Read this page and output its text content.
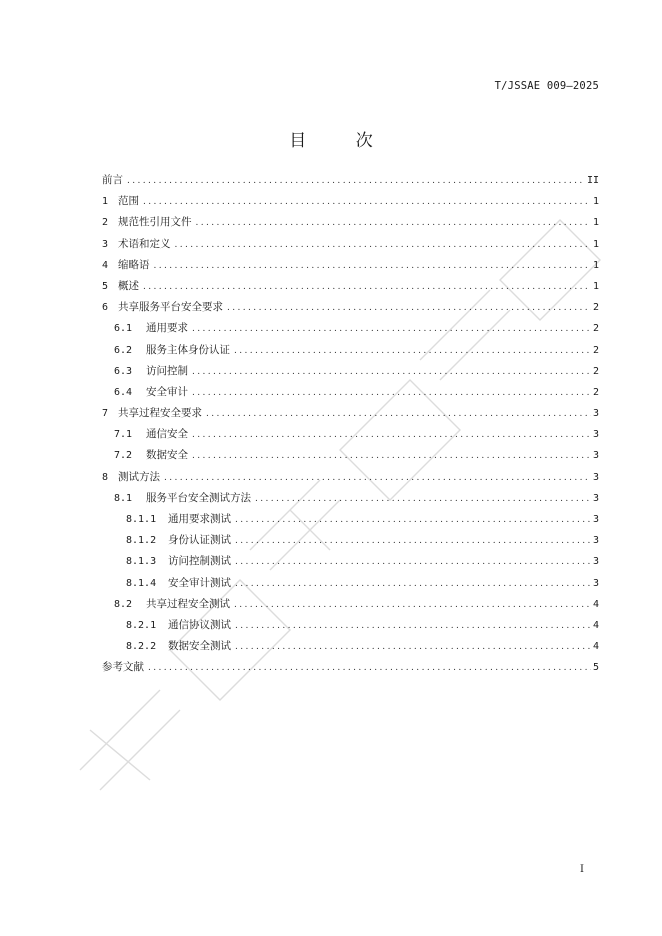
T/JSSAE 009—2025
目 次
前言 .....	II
1 范围 .....	1
2 规范性引用文件 .....	1
3 术语和定义 .....	1
4 缩略语 .....	1
5 概述 .....	1
6 共享服务平台安全要求 .....	2
6.1	通用要求 .....	2
6.2	服务主体身份认证 .....	2
6.3	访问控制 .....	2
6.4	安全审计 .....	2
7 共享过程安全要求 .....	3
7.1	通信安全 .....	3
7.2	数据安全 .....	3
8 测试方法 .....	3
8.1	服务平台安全测试方法 .....	3
8.1.1	通用要求测试 .....	3
8.1.2	身份认证测试 .....	3
8.1.3	访问控制测试 .....	3
8.1.4	安全审计测试 .....	3
8.2	共享过程安全测试 .....	4
8.2.1	通信协议测试 .....	4
8.2.2	数据安全测试 .....	4
参考文献 .....	5
I
